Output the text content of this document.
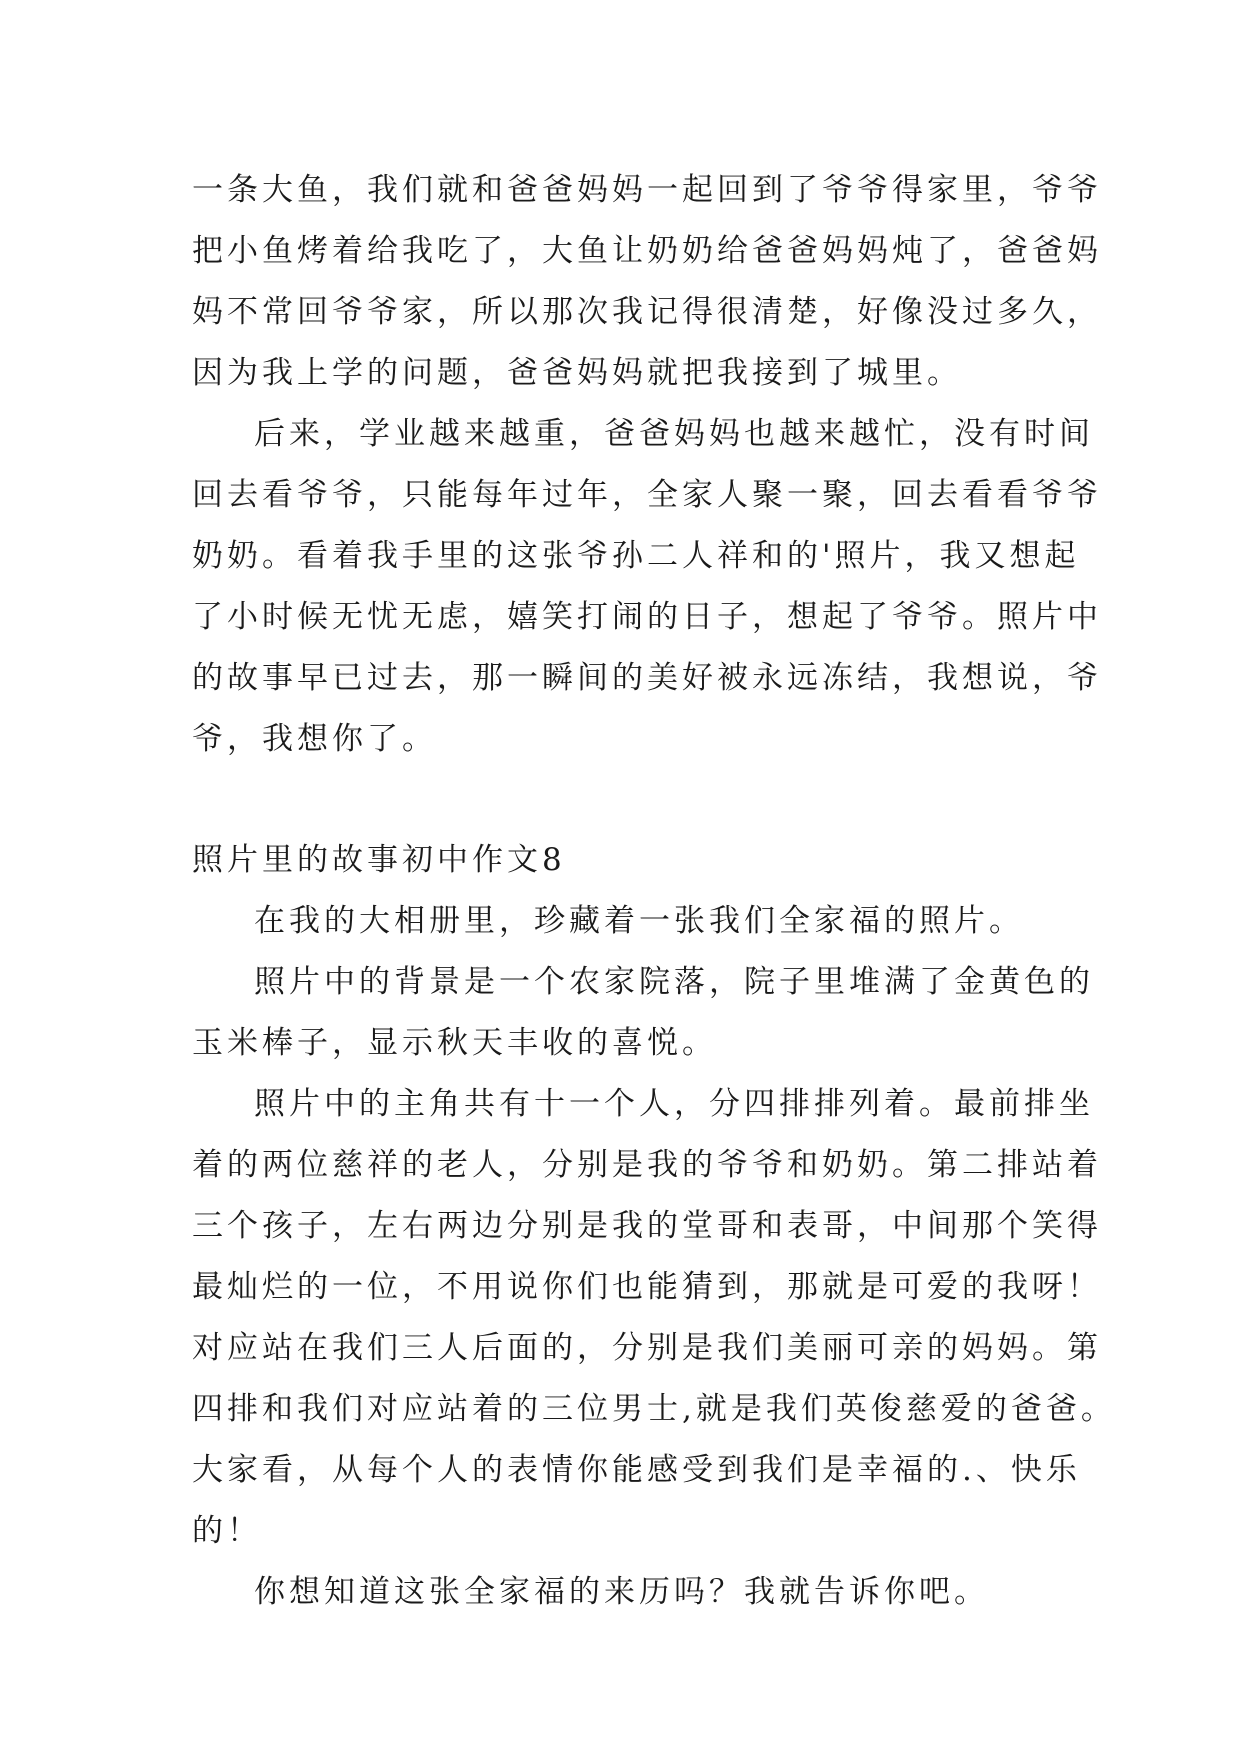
一条大鱼，我们就和爸爸妈妈一起回到了爷爷得家里，爷爷
把小鱼烤着给我吃了，大鱼让奶奶给爸爸妈妈炖了，爸爸妈
妈不常回爷爷家，所以那次我记得很清楚，好像没过多久，
因为我上学的问题，爸爸妈妈就把我接到了城里。
后来，学业越来越重，爸爸妈妈也越来越忙，没有时间
回去看爷爷，只能每年过年，全家人聚一聚，回去看看爷爷
奶奶。看着我手里的这张爷孙二人祥和的'照片，我又想起
了小时候无忧无虑，嬉笑打闹的日子，想起了爷爷。照片中
的故事早已过去，那一瞬间的美好被永远冻结，我想说，爷
爷，我想你了。
照片里的故事初中作文8
在我的大相册里，珍藏着一张我们全家福的照片。
照片中的背景是一个农家院落，院子里堆满了金黄色的
玉米棒子，显示秋天丰收的喜悦。
照片中的主角共有十一个人，分四排排列着。最前排坐
着的两位慈祥的老人，分别是我的爷爷和奶奶。第二排站着
三个孩子，左右两边分别是我的堂哥和表哥，中间那个笑得
最灿烂的一位，不用说你们也能猜到，那就是可爱的我呀！
对应站在我们三人后面的，分别是我们美丽可亲的妈妈。第
四排和我们对应站着的三位男士,就是我们英俊慈爱的爸爸。
大家看，从每个人的表情你能感受到我们是幸福的.、快乐
的！
你想知道这张全家福的来历吗？我就告诉你吧。
